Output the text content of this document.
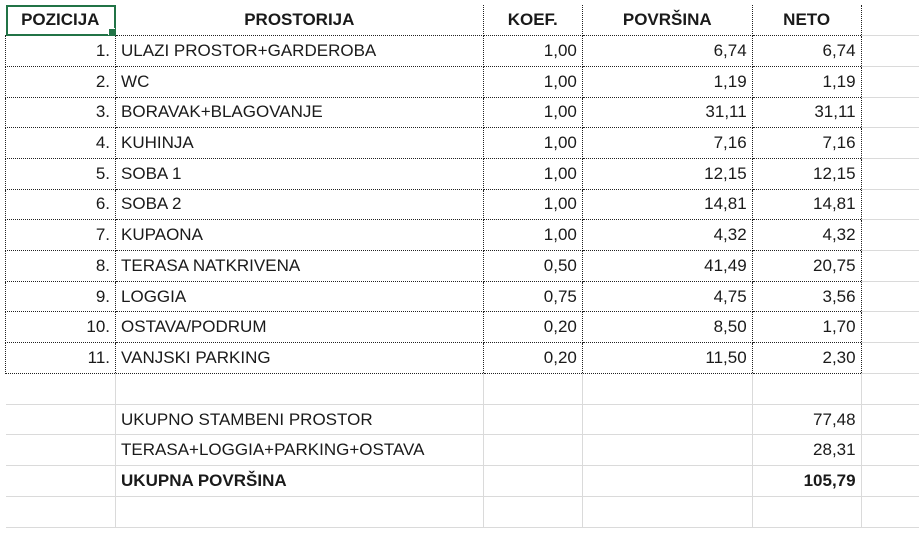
POZICIJA	PROSTORIJA	KOEF.	POVRŠINA	NETO	
1.	ULAZI PROSTOR+GARDEROBA	1,00	6,74	6,74	
2.	WC	1,00	1,19	1,19	
3.	BORAVAK+BLAGOVANJE	1,00	31,11	31,11	
4.	KUHINJA	1,00	7,16	7,16	
5.	SOBA 1	1,00	12,15	12,15	
6.	SOBA 2	1,00	14,81	14,81	
7.	KUPAONA	1,00	4,32	4,32	
8.	TERASA NATKRIVENA	0,50	41,49	20,75	
9.	LOGGIA	0,75	4,75	3,56	
10.	OSTAVA/PODRUM	0,20	8,50	1,70	
11.	VANJSKI PARKING	0,20	11,50	2,30	

	UKUPNO STAMBENI PROSTOR			77,48	
	TERASA+LOGGIA+PARKING+OSTAVA			28,31	
	UKUPNA POVRŠINA			105,79	
